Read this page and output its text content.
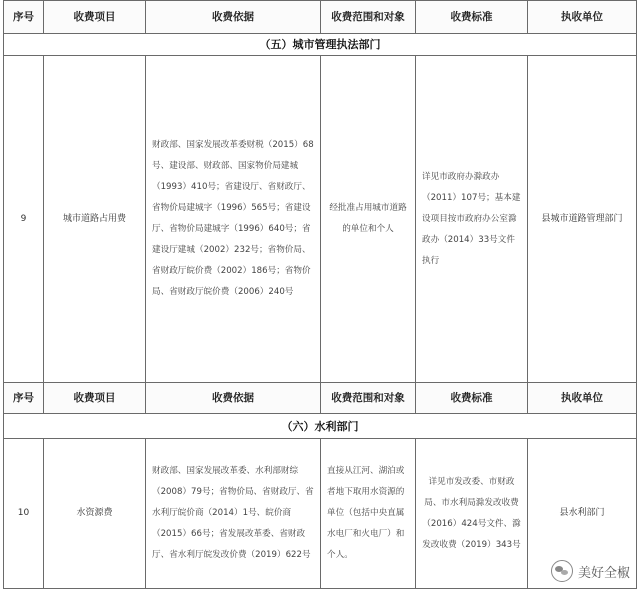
序号	收费项目	收费依据	收费范围和对象	收费标准	执收单位
（五）城市管理执法部门					
9	城市道路占用费	财政部、国家发展改革委财税（2015）68号、建设部、财政部、国家物价局建城（1993）410号；省建设厅、省财政厅、省物价局建城字（1996）565号；省建设厅、省物价局建城字（1996）640号；省建设厅建城（2002）232号；省物价局、省财政厅皖价费（2002）186号；省物价局、省财政厅皖价费（2006）240号	经批准占用城市道路的单位和个人	详见市政府办滁政办（2011）107号；基本建设项目按市政府办公室滁政办（2014）33号文件执行	县城市道路管理部门
序号	收费项目	收费依据	收费范围和对象	收费标准	执收单位
（六）水利部门					
10	水资源费	财政部、国家发展改革委、水利部财综（2008）79号；省物价局、省财政厅、省水利厅皖价商（2014）1号、皖价商（2015）66号；省发展改革委、省财政厅、省水利厅皖发改价费（2019）622号	直接从江河、湖泊或者地下取用水资源的单位（包括中央直属水电厂和火电厂）和个人。	详见市发改委、市财政局、市水利局滁发改收费（2016）424号文件、滁发改收费（2019）343号	县水利部门
美好全椒
